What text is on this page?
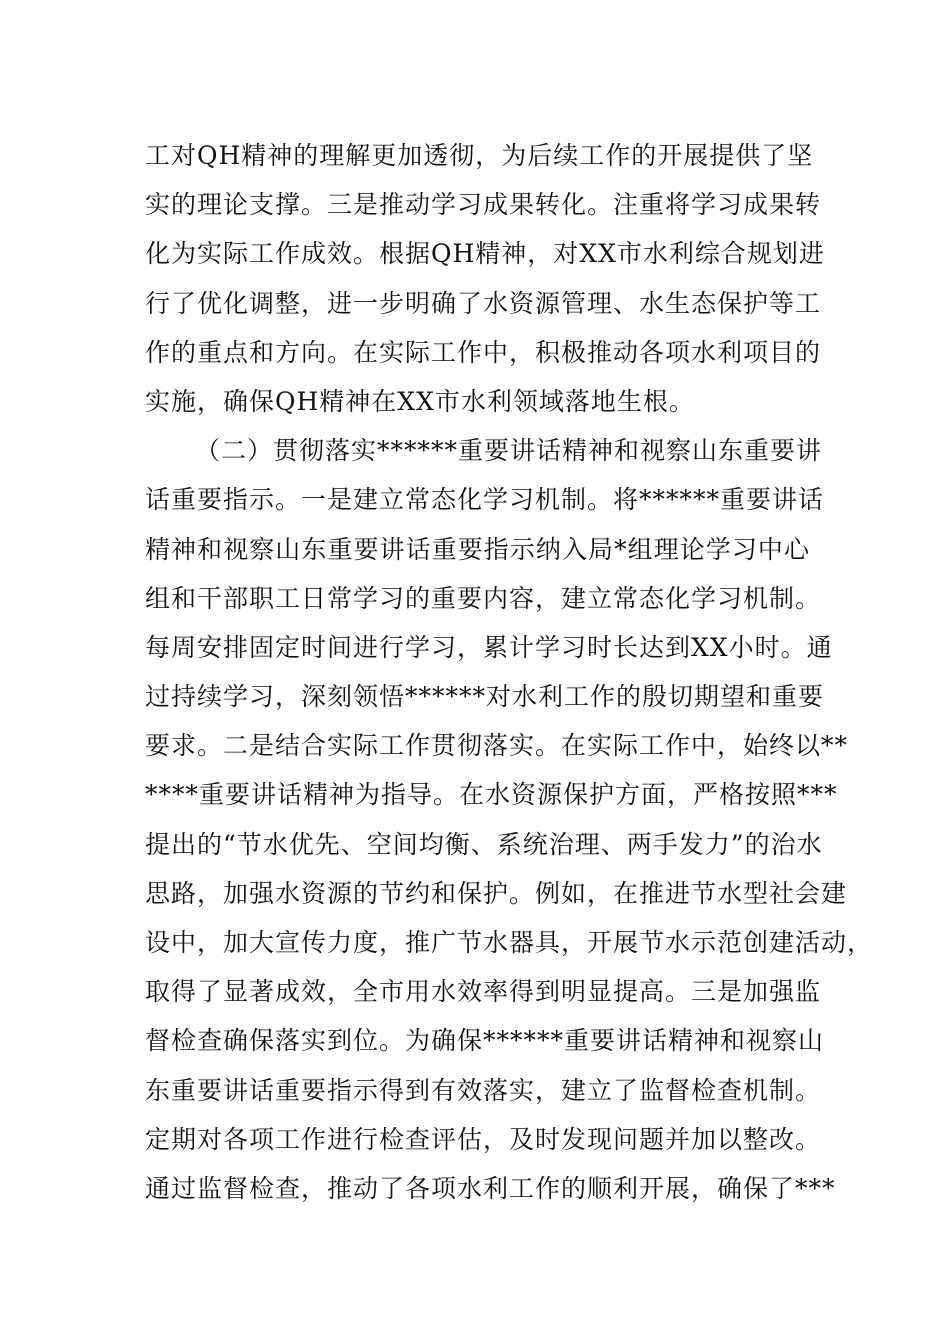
工对QH精神的理解更加透彻，为后续工作的开展提供了坚
实的理论支撑。三是推动学习成果转化。注重将学习成果转
化为实际工作成效。根据QH精神，对XX市水利综合规划进
行了优化调整，进一步明确了水资源管理、水生态保护等工
作的重点和方向。在实际工作中，积极推动各项水利项目的
实施，确保QH精神在XX市水利领域落地生根。
（二）贯彻落实******重要讲话精神和视察山东重要讲
话重要指示。一是建立常态化学习机制。将******重要讲话
精神和视察山东重要讲话重要指示纳入局*组理论学习中心
组和干部职工日常学习的重要内容，建立常态化学习机制。
每周安排固定时间进行学习，累计学习时长达到XX小时。通
过持续学习，深刻领悟******对水利工作的殷切期望和重要
要求。二是结合实际工作贯彻落实。在实际工作中，始终以**
****重要讲话精神为指导。在水资源保护方面，严格按照***
提出的“节水优先、空间均衡、系统治理、两手发力”的治水
思路，加强水资源的节约和保护。例如，在推进节水型社会建
设中，加大宣传力度，推广节水器具，开展节水示范创建活动，
取得了显著成效，全市用水效率得到明显提高。三是加强监
督检查确保落实到位。为确保******重要讲话精神和视察山
东重要讲话重要指示得到有效落实，建立了监督检查机制。
定期对各项工作进行检查评估，及时发现问题并加以整改。
通过监督检查，推动了各项水利工作的顺利开展，确保了***
